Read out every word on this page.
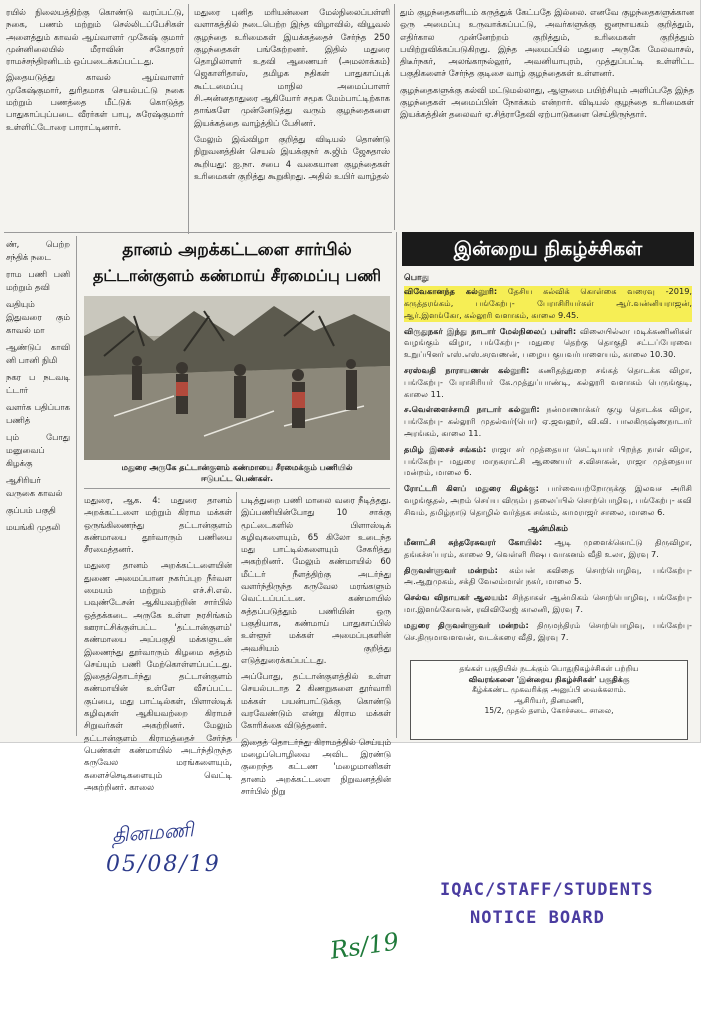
ரயில் நிலையத்திற்கு கொண்டு வரப்பட்டு, நகை, பணம் மற்றும் செல்லிடப்பேசிகள் அளைத்தும் காவல் ஆய்வாளர் முகேஷ் குமார் முன்னிலையில் மீராவின் சகோதரர் ராமச்சந்திரனிடம் ஒப்படைக்கப்பட்டது.

இதையடுத்து காவல் ஆய்வாளர் முகேஷ்குமார், துரிதமாக செயல்பட்டு நகை மற்றும் பணத்தை மீட்டுக் கொடுத்த பாதுகாப்புப்படை வீரர்கள் பாபு, சுரேஷ்குமார் உள்ளிட்டோரை பாராட்டினார்.

ண், பெற்ற சந்திக் நடை

ராம பணி பனி மற்றும் தவி

வதியும் இதுவரை கும் காவல் மா

ஆண்டுப் காவி னி பானி நிமி

நகர ப நடவடி ட்டார்

வளர்க பதிப்பாக பணித்

பும் போது மனுவைப் கிழக்கு

ஆசிரியர் வருகை காவல்

குப்பம் பகுதி

மயங்கி முதலி

மதுரை புனித மரியன்னை மேல்நிலைப்பள்ளி வளாகத்தில் நடைபெற்ற இந்த விழாவில், வியூவல் குழந்தை உரிமைகள் இயக்கத்தைச் சேர்ந்த 250 குழந்தைகள் பங்கேற்றனர். இதில் மதுரை தொழிலாளர் உதவி ஆணையர் (அமலாக்கம்) ஜெகாளிதாஸ், தமிழக நதிகள் பாதுகாப்புக் கூட்டமைப்பு மாநில அமைப்பாளர் சி.அன்னதாதுரை ஆகியோர் சமூக மேம்பாட்டிற்காக தாங்களே முன்னேடுத்து வரும் குழந்தைகளை இயக்கத்தை வாழ்த்திப் பேசினர்.

மேலும் இவ்விழா குறித்து விடியல் தொண்டு நிறுவனத்தின் செயல் இயக்குநர் சு.ஜிம் ஜேசுதாஸ் கூறியது: ஐ.நா. சபை 4 வகையான குழந்தைகள் உரிமைகள் குறித்து கூறுகிறது. அதில் உயிர் வாழ்தல்

தும் குழந்தைகளிடம் கருத்துக் கேட்பதே இல்லை. எனவே குழந்தைகளுக்கான ஒரு அமைப்பு உருவாக்கப்பட்டு, அவர்களுக்கு ஜனநாயகம் குறித்தும், எதிர்கால முன்னேற்றம் குறித்தும், உரிமைகள் குறித்தும் பயிற்றுவிக்கப்படுகிறது. இந்த அமைப்பில் மதுரை அருகே மேலவாசல், திடீர்நகர், அலங்காநல்லூர், அவனியாபுரம், முத்துப்பட்டி உள்ளிட்ட பகுதிகளைச் சேர்ந்த குடிசை வாழ் குழந்தைகள் உள்ளனர்.

குழந்தைகளுக்கு கல்வி மட்டுமல்லாது, ஆளுமை பயிற்சியும் அளிப்பதே இந்த குழந்தைகள் அமைப்பின் நோக்கம் என்றார். விடியல் குழந்தை உரிமைகள் இயக்கத்தின் தலைவர் ஏ.சித்ராதேவி ஏற்பாடுகளை செய்திருந்தார்.

தானம் அறக்கட்டளை சார்பில்
தட்டான்குளம் கண்மாய் சீரமைப்பு பணி
மதுரை அருகே தட்டான்குளம் கண்மாயை சீரமைக்கும் பணியில்
ஈடுபட்ட பெண்கள்.

மதுரை, ஆக. 4: மதுரை தானம் அறக்கட்டளை மற்றும் கிராம மக்கள் ஒருங்கிணைந்து தட்டான்குளம் கண்மாயை தூர்வாரும் பணியை சீரமைத்தனர்.

மதுரை தானம் அறக்கட்டளையின் துணை அமைப்பான நகர்ப்புற நீர்வள மையம் மற்றும் எச்.சி.எல். பவுண்டேசன் ஆகியவற்றின் சார்பில் ஒத்தக்கடை அருகே உள்ள நரசிங்கம் ஊராட்சிக்குள்பட்ட 'தட்டான்குளம்' கண்மாயை அப்பகுதி மக்களுடன் இணைந்து தூர்வாரும் கிழமை சுத்தம் செய்யும் பணி மேற்கொள்ளப்பட்டது. இதைத்தொடர்ந்து தட்டான்குளம் கண்மாயின் உள்ளே வீசப்பட்ட குப்பை, மது பாட்டில்கள், பிளாஸ்டிக் கழிவுகள் ஆகியவற்றை கிராமச் சிறுவர்கள் அகற்றினர். மேலும் தட்டான்குளம் கிராமத்தைச் சேர்ந்த பெண்கள் கண்மாயில் அடர்ந்திருந்த கருவேல மரங்களையும், களைச்செடிகளையும் வெட்டி அகற்றினர். காலை

படித்துறை பணி மாலை வரை நீடித்தது. இப்பணியின்போது 10 சாக்கு மூட்டைகளில் பிளாஸ்டிக் கழிவுகளையும், 65 கிலோ உடைந்த மது பாட்டில்களையும் சேகரித்து அகற்றினர். மேலும் கண்மாயில் 60 மீட்டர் நீளத்திற்கு அடர்ந்து வளர்ந்திருந்த கருவேல மரங்களும் வெட்டப்பட்டன. கண்மாயில் சுத்தப்படுத்தும் பணியின் ஒரு பகுதியாக, கண்மாய் பாதுகாப்பில் உள்ளூர் மக்கள் அமைப்புகளின் அவசியம் குறித்து எடுத்துரைக்கப்பட்டது.

அப்போது, தட்டான்குளத்தில் உள்ள செயல்படாத 2 கிணறுகளை தூர்வாரி மக்கள் பயன்பாட்டுக்கு கொண்டு வரவேண்டும் என்று கிராம மக்கள் கோரிக்கை விடுத்தனர்.

இதைத் தொடர்ந்து கிராமத்தில் செய்யும் மழைப்பொழிவை அவிட இரண்டு குறைந்த கட்டண 'மழைமானிகள் தானம் அறக்கட்டளை நிறுவனத்தின் சார்பில் நிறு

இன்றைய நிகழ்ச்சிகள்
பொது

விவேகானந்த கல்லூரி: தேசிய கல்விக் கொள்கை வரைவு -2019, கருத்தரங்கம், பங்கேற்பு- பேராசிரியர்கள் ஆர்.வன்னியராஜன், ஆர்.இளங்கோ, கல்லூரி வளாகம், காலை 9.45.

விருதுநகர் இந்து நாடார் மேல்நிலைப் பள்ளி: விலையில்லா மடிக்கணினிகள் வழங்கும் விழா, பங்கேற்பு- மதுரை தெற்கு தொகுதி சட்டப்பேரவை உறுப்பினர் எஸ்.எஸ்.சரவணன், பழைய குயவர்பாளையம், காலை 10.30.

சரஸ்வதி நாராயணன் கல்லூரி: கணிதத்துறை சங்கத் தொடக்க விழா, பங்கேற்பு- பேராசிரியர் கே.முத்துப்பாண்டி, கல்லூரி வளாகம் பெருங்குடி, காலை 11.

ச.வெள்ளைச்சாமி நாடார் கல்லூரி: நன்மாணாக்கர் குழு தொடக்க விழா, பங்கேற்பு- கல்லூரி முதல்வர்(பொ) ஏ.ஜவஹர், வி.வி. பாலகிருஷ்ணநாடார் அரங்கம், காலை 11.

தமிழ் இசைச் சங்கம்: ராஜா சர் முத்தையா செட்டியார் பிறந்த நாள் விழா, பங்கேற்பு- மதுரை மாநகராட்சி ஆணையர் ச.விசாகன், ராஜா முத்தையா மன்றம், மாலை 6.

ரோட்டரி கிளப் மதுரை கிழக்கு: பார்வையற்றோருக்கு இலவச அரிசி வழங்குதல், அறம் செய்ய விரும்பு தலைப்பில் சொற்பொழிவு, பங்கேற்பு- கவி சிவம், தமிழ்நாடு தொழில் வர்த்தக சங்கம், காமராஜர் சாலை, மாலை 6.

ஆன்மிகம்

மீனாட்சி சுந்தரேசுவரர் கோயில்: ஆடி முளைக்கொட்டு திருவிழா, தங்கச்சப்பரம், காலை 9, வெள்ளி ரிஷப வாகனம் வீதி உலா, இரவு 7.

திருவள்ளுவர் மன்றம்: கம்பன் கவிதை சொற்பொழிவு, பங்கேற்பு- அ.ஆறுமுகம், சக்தி வேலம்மாள் நகர், மாலை 5.

செல்வ விநாயகர் ஆலயம்: சிந்தாகள் ஆன்மிகம் சொற்பொழிவு, பங்கேற்பு- மா.இளங்கோவன், ரவிவிலேஜ் காலனி, இரவு 7.

மதுரை திருவள்ளுவர் மன்றம்: திருமந்திரம் சொற்பொழிவு, பங்கேற்பு- செ.திருமாவளவன், வடக்கரை வீதி, இரவு 7.

தங்கள் பகுதியில் நடக்கும் பொதுநிகழ்ச்சிகள் பற்றிய
விவரங்களை 'இன்றைய நிகழ்ச்சிகள்' பகுதிக்கு
கீழ்க்கண்ட முகவரிக்கு அனுப்பி வைக்கலாம்.
ஆசிரியர், தினமணி,
15/2, முதல் தளம், கோச்சடை சாலை,
தினமணி
05/08/19
IQAC/STAFF/STUDENTS
NOTICE BOARD
Rs/19
